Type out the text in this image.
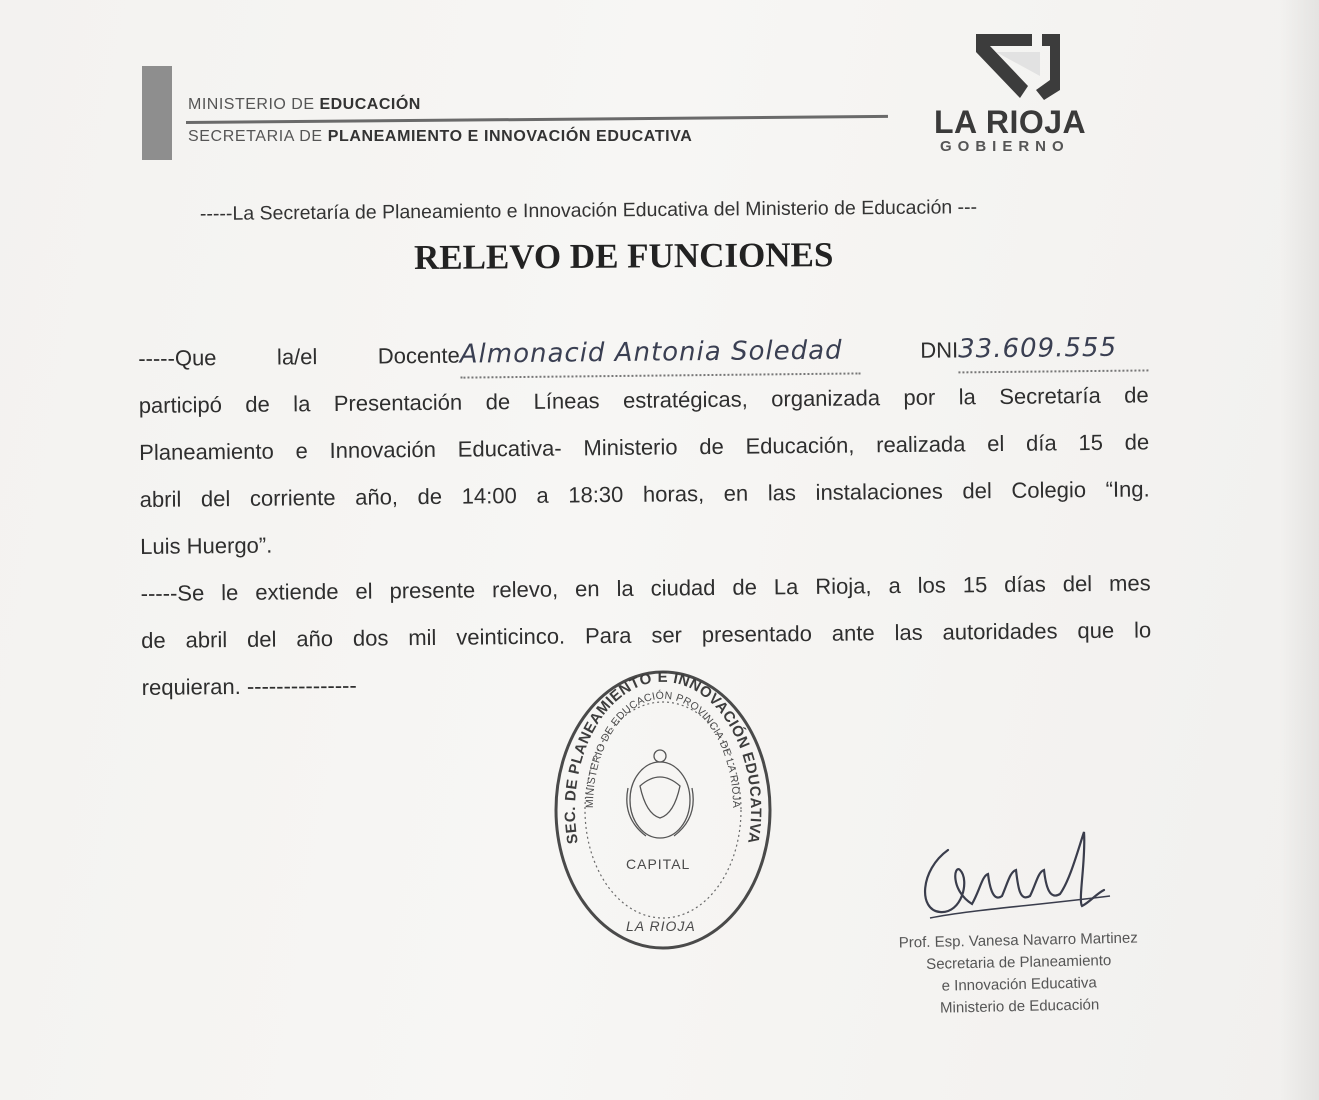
MINISTERIO DE EDUCACIÓN
SECRETARIA DE PLANEAMIENTO E INNOVACIÓN EDUCATIVA	LA RIOJA
GOBIERNO
-----La Secretaría de Planeamiento e Innovación Educativa del Ministerio de Educación ---
RELEVO DE FUNCIONES
-----Que	la/el	Docente Almonacid Antonia Soledad	DNI 33.609.555
participó de la Presentación de Líneas estratégicas, organizada por la Secretaría de
Planeamiento e Innovación Educativa- Ministerio de Educación, realizada el día 15 de
abril del corriente año, de 14:00 a 18:30 horas, en las instalaciones del Colegio “Ing.
Luis Huergo”.
-----Se le extiende el presente relevo, en la ciudad de La Rioja, a los 15 días del mes
de abril del año dos mil veinticinco. Para ser presentado ante las autoridades que lo
requieran. ---------------
SEC. DE PLANEAMIENTO E INNOVACIÓN EDUCATIVA
MINISTERIO DE EDUCACIÓN PROVINCIA DE LA RIOJA
CAPITAL
LA RIOJA
Prof. Esp. Vanesa Navarro Martinez
Secretaria de Planeamiento
e Innovación Educativa
Ministerio de Educación
